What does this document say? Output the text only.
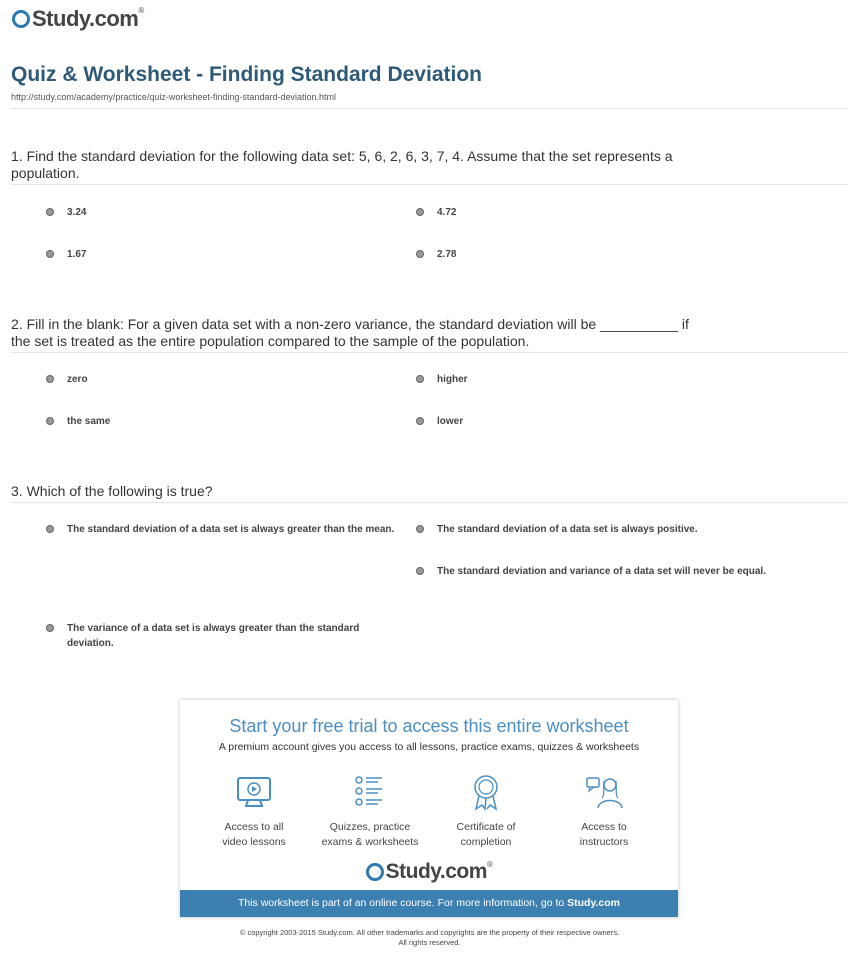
Study.com®
Quiz & Worksheet - Finding Standard Deviation
http://study.com/academy/practice/quiz-worksheet-finding-standard-deviation.html
1. Find the standard deviation for the following data set: 5, 6, 2, 6, 3, 7, 4. Assume that the set represents a population.
3.24	4.72
1.67	2.78
2. Fill in the blank: For a given data set with a non-zero variance, the standard deviation will be __________ if the set is treated as the entire population compared to the sample of the population.
zero	higher
the same	lower
3. Which of the following is true?
The standard deviation of a data set is always greater than the mean.	The standard deviation of a data set is always positive.
The standard deviation and variance of a data set will never be equal.
The variance of a data set is always greater than the standard deviation.
Start your free trial to access this entire worksheet
A premium account gives you access to all lessons, practice exams, quizzes & worksheets
Access to all
video lessons
Quizzes, practice
exams & worksheets
Certificate of
completion
Access to
instructors
Study.com®
This worksheet is part of an online course. For more information, go to Study.com
© copyright 2003-2015 Study.com. All other trademarks and copyrights are the property of their respective owners.
All rights reserved.
